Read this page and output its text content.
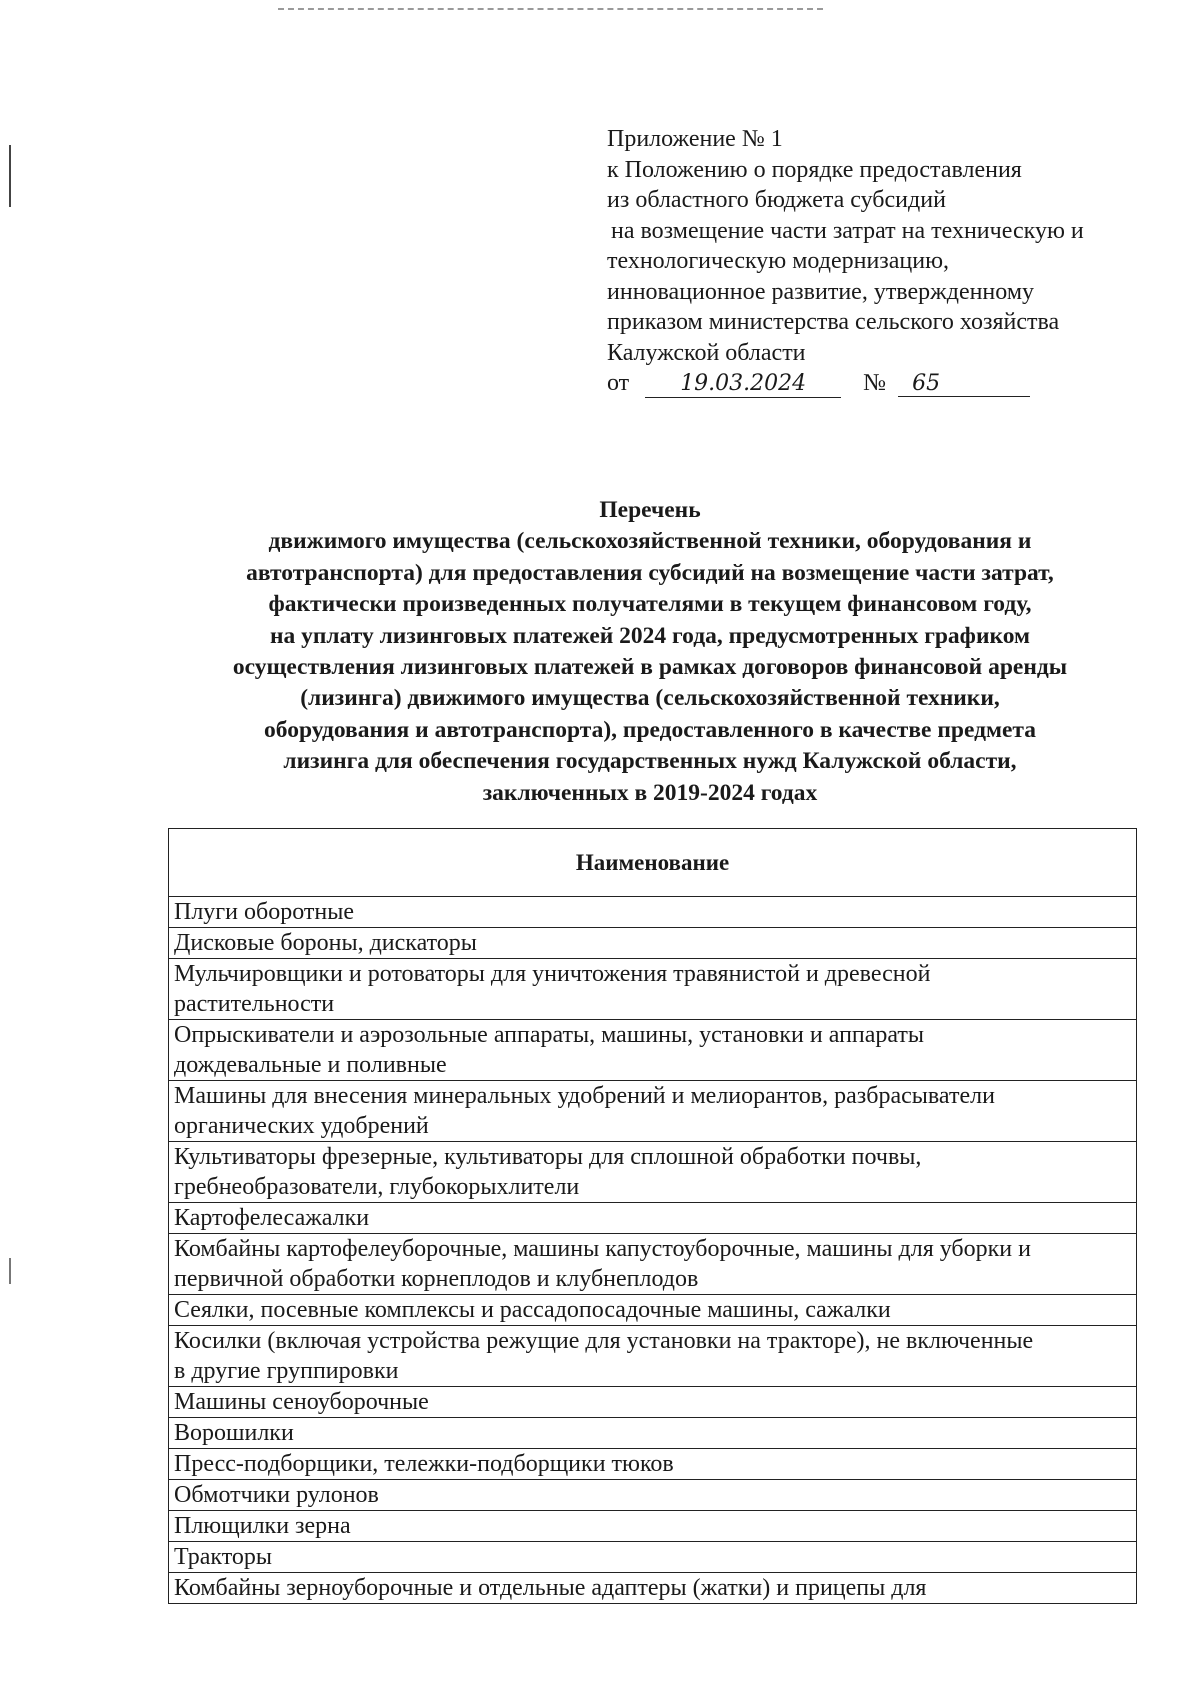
Приложение № 1
к Положению о порядке предоставления
из областного бюджета субсидий
на возмещение части затрат на техническую и
технологическую модернизацию,
инновационное развитие, утвержденному
приказом министерства сельского хозяйства
Калужской области
от 19.03.2024 № 65
Перечень
движимого имущества (сельскохозяйственной техники, оборудования и
автотранспорта) для предоставления субсидий на возмещение части затрат,
фактически произведенных получателями в текущем финансовом году,
на уплату лизинговых платежей 2024 года, предусмотренных графиком
осуществления лизинговых платежей в рамках договоров финансовой аренды
(лизинга) движимого имущества (сельскохозяйственной техники,
оборудования и автотранспорта), предоставленного в качестве предмета
лизинга для обеспечения государственных нужд Калужской области,
заключенных в 2019-2024 годах
Наименование

Плуги оборотные

Дисковые бороны, дискаторы

Мульчировщики и ротоваторы для уничтожения травянистой и древесной
растительности

Опрыскиватели и аэрозольные аппараты, машины, установки и аппараты
дождевальные и поливные

Машины для внесения минеральных удобрений и мелиорантов, разбрасыватели
органических удобрений

Культиваторы фрезерные, культиваторы для сплошной обработки почвы,
гребнеобразователи, глубокорыхлители

Картофелесажалки

Комбайны картофелеуборочные, машины капустоуборочные, машины для уборки и
первичной обработки корнеплодов и клубнеплодов

Сеялки, посевные комплексы и рассадопосадочные машины, сажалки

Косилки (включая устройства режущие для установки на тракторе), не включенные
в другие группировки

Машины сеноуборочные

Ворошилки

Пресс-подборщики, тележки-подборщики тюков

Обмотчики рулонов

Плющилки зерна

Тракторы

Комбайны зерноуборочные и отдельные адаптеры (жатки) и прицепы для
